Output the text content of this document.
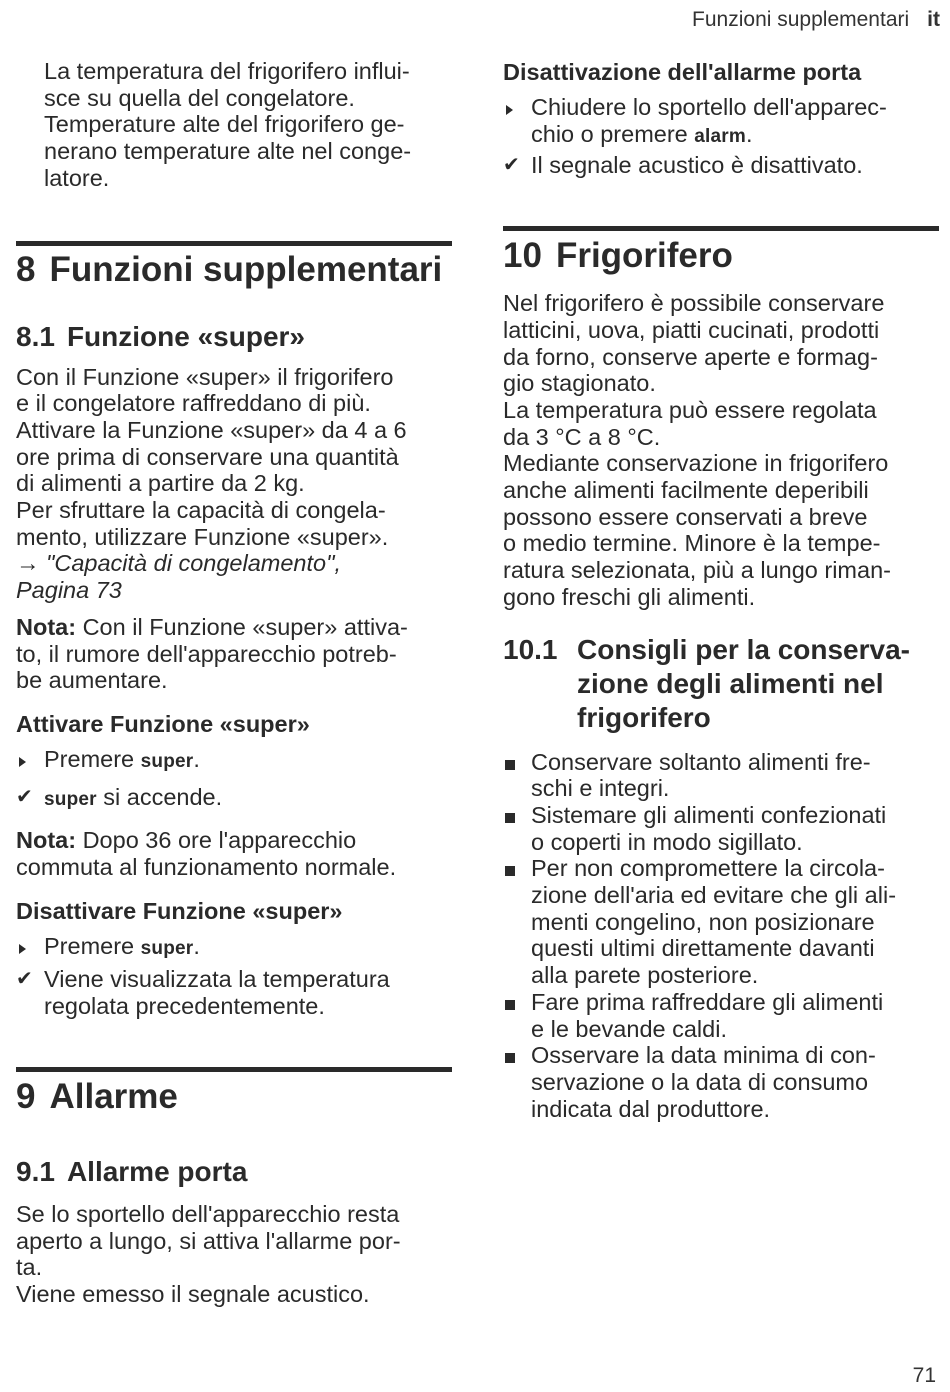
Funzioni supplementari it

La temperatura del frigorifero influi-

sce su quella del congelatore.

Temperature alte del frigorifero ge-

nerano temperature alte nel conge-

latore.

8 Funzioni supplementari
8.1 Funzione «super»

Con il Funzione «super» il frigorifero

e il congelatore raffreddano di più.

Attivare la Funzione «super» da 4 a 6

ore prima di conservare una quantità

di alimenti a partire da 2 kg.

Per sfruttare la capacità di congela-

mento, utilizzare Funzione «super».

→ "Capacità di congelamento",

Pagina 73

Nota: Con il Funzione «super» attiva-

to, il rumore dell'apparecchio potreb-

be aumentare.

Attivare Funzione «super»
Premere super.
✔ super si accende.

Nota: Dopo 36 ore l'apparecchio

commuta al funzionamento normale.

Disattivare Funzione «super»
Premere super.
✔ Viene visualizzata la temperatura
regolata precedentemente.
9 Allarme
9.1 Allarme porta

Se lo sportello dell'apparecchio resta

aperto a lungo, si attiva l'allarme por-

ta.

Viene emesso il segnale acustico.

Disattivazione dell'allarme porta
Chiudere lo sportello dell'apparec-
chio o premere alarm.
✔ Il segnale acustico è disattivato.
10 Frigorifero

Nel frigorifero è possibile conservare

latticini, uova, piatti cucinati, prodotti

da forno, conserve aperte e formag-

gio stagionato.

La temperatura può essere regolata

da 3 °C a 8 °C.

Mediante conservazione in frigorifero

anche alimenti facilmente deperibili

possono essere conservati a breve

o medio termine. Minore è la tempe-

ratura selezionata, più a lungo riman-

gono freschi gli alimenti.

10.1 Consigli per la conserva-
zione degli alimenti nel
frigorifero
Conservare soltanto alimenti fre-
schi e integri.
Sistemare gli alimenti confezionati
o coperti in modo sigillato.
Per non compromettere la circola-
zione dell'aria ed evitare che gli ali-
menti congelino, non posizionare
questi ultimi direttamente davanti
alla parete posteriore.
Fare prima raffreddare gli alimenti
e le bevande caldi.
Osservare la data minima di con-
servazione o la data di consumo
indicata dal produttore.
71
